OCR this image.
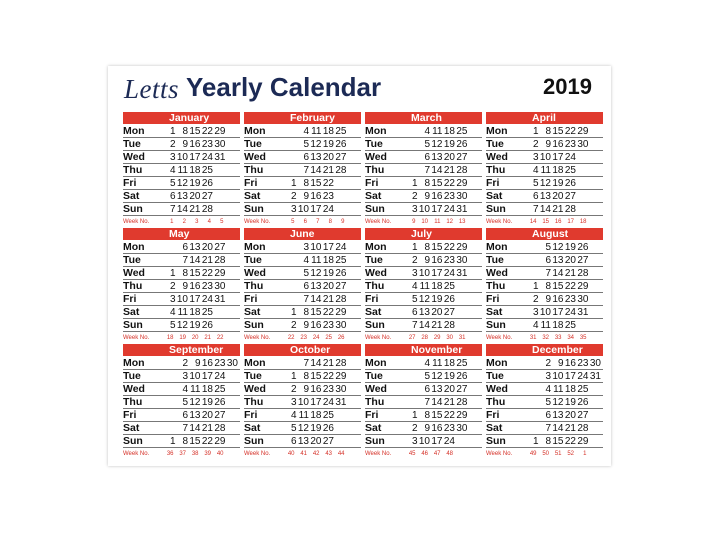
Letts Yearly Calendar	2019
January
Mon	1 8 15 22 29
Tue	2 9 16 23 30
Wed	3 10 17 24 31
Thu	4 11 18 25
Fri	5 12 19 26
Sat	6 13 20 27
Sun	7 14 21 28
Week No.	1	2	3	4	5
February
Mon	4 11 18 25
Tue	5 12 19 26
Wed	6 13 20 27
Thu	7 14 21 28
Fri	1 8 15 22
Sat	2 9 16 23
Sun	3 10 17 24
Week No.	5	6	7	8	9
March
Mon	4 11 18 25
Tue	5 12 19 26
Wed	6 13 20 27
Thu	7 14 21 28
Fri	1 8 15 22 29
Sat	2 9 16 23 30
Sun	3 10 17 24 31
Week No.	9 10	11 12 13
April
Mon	1 8 15 22 29
Tue	2 9 16 23 30
Wed	3 10 17 24
Thu	4 11 18 25
Fri	5 12 19 26
Sat	6 13 20 27
Sun	7 14 21 28
Week No.	14 15 16 17 18
May
Mon	6 13 20 27
Tue	7 14 21 28
Wed	1 8 15 22 29
Thu	2 9 16 23 30
Fri	3 10 17 24 31
Sat	4 11 18 25
Sun	5 12 19 26
Week No.	18 19 20 21 22
June
Mon	3 10 17 24
Tue	4 11 18 25
Wed	5 12 19 26
Thu	6 13 20 27
Fri	7 14 21 28
Sat	1 8 15 22 29
Sun	2 9 16 23 30
Week No.	22 23 24 25 26
July
Mon	1 8 15 22 29
Tue	2 9 16 23 30
Wed	3 10 17 24 31
Thu	4 11 18 25
Fri	5 12 19 26
Sat	6 13 20 27
Sun	7 14 21 28
Week No.	27 28 29 30 31
August
Mon	5 12 19 26
Tue	6 13 20 27
Wed	7 14 21 28
Thu	1 8 15 22 29
Fri	2 9 16 23 30
Sat	3 10 17 24 31
Sun	4 11 18 25
Week No.	31 32 33 34 35
September
Mon	2 9 16 23 30
Tue	3 10 17 24
Wed	4 11 18 25
Thu	5 12 19 26
Fri	6 13 20 27
Sat	7 14 21 28
Sun	1 8 15 22 29
Week No.	36 37 38 39 40
October
Mon	7 14 21 28
Tue	1 8 15 22 29
Wed	2 9 16 23 30
Thu	3 10 17 24 31
Fri	4 11 18 25
Sat	5 12 19 26
Sun	6 13 20 27
Week No.	40 41 42 43 44
November
Mon	4 11 18 25
Tue	5 12 19 26
Wed	6 13 20 27
Thu	7 14 21 28
Fri	1 8 15 22 29
Sat	2 9 16 23 30
Sun	3 10 17 24
Week No.	45 46 47 48
December
Mon	2 9 16 23 30
Tue	3 10 17 24 31
Wed	4 11 18 25
Thu	5 12 19 26
Fri	6 13 20 27
Sat	7 14 21 28
Sun	1 8 15 22 29
Week No.	49 50 51 52	1
